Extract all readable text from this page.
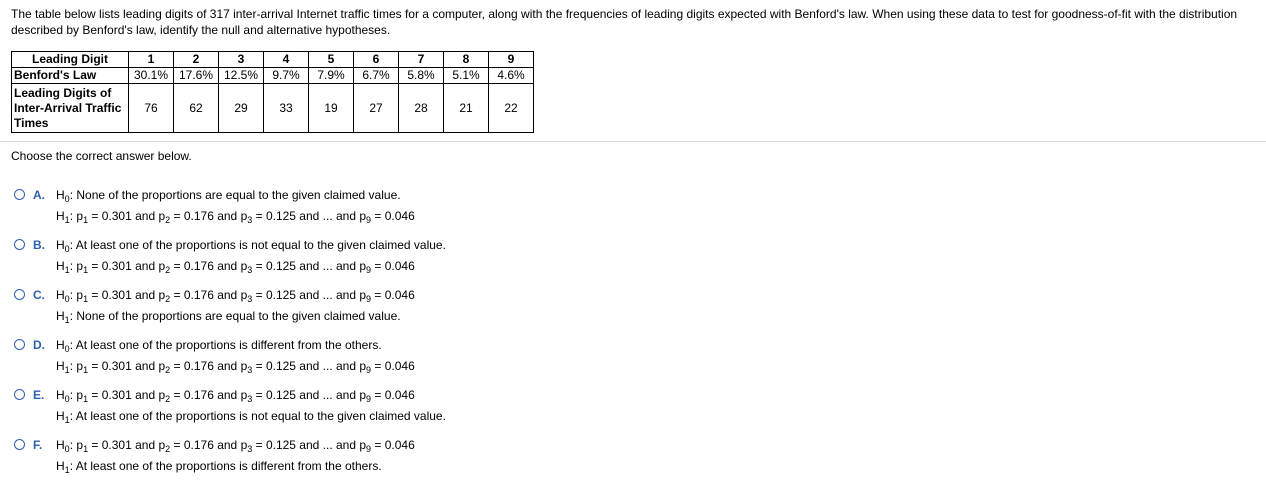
The table below lists leading digits of 317 inter-arrival Internet traffic times for a computer, along with the frequencies of leading digits expected with Benford's law. When using these data to test for goodness-of-fit with the distribution described by Benford's law, identify the null and alternative hypotheses.
Leading Digit	1	2	3	4	5	6	7	8	9
Benford's Law	30.1%	17.6%	12.5%	9.7%	7.9%	6.7%	5.8%	5.1%	4.6%
Leading Digits of Inter-Arrival Traffic Times	76	62	29	33	19	27	28	21	22
Choose the correct answer below.
A. $H_0$: None of the proportions are equal to the given claimed value.
$H_1$: $p_1 = 0.301$ and $p_2 = 0.176$ and $p_3 = 0.125$ and ... and $p_9 = 0.046$
B. $H_0$: At least one of the proportions is not equal to the given claimed value.
$H_1$: $p_1 = 0.301$ and $p_2 = 0.176$ and $p_3 = 0.125$ and ... and $p_9 = 0.046$
C. $H_0$: $p_1 = 0.301$ and $p_2 = 0.176$ and $p_3 = 0.125$ and ... and $p_9 = 0.046$
$H_1$: None of the proportions are equal to the given claimed value.
D. $H_0$: At least one of the proportions is different from the others.
$H_1$: $p_1 = 0.301$ and $p_2 = 0.176$ and $p_3 = 0.125$ and ... and $p_9 = 0.046$
E. $H_0$: $p_1 = 0.301$ and $p_2 = 0.176$ and $p_3 = 0.125$ and ... and $p_9 = 0.046$
$H_1$: At least one of the proportions is not equal to the given claimed value.
F. $H_0$: $p_1 = 0.301$ and $p_2 = 0.176$ and $p_3 = 0.125$ and ... and $p_9 = 0.046$
$H_1$: At least one of the proportions is different from the others.
